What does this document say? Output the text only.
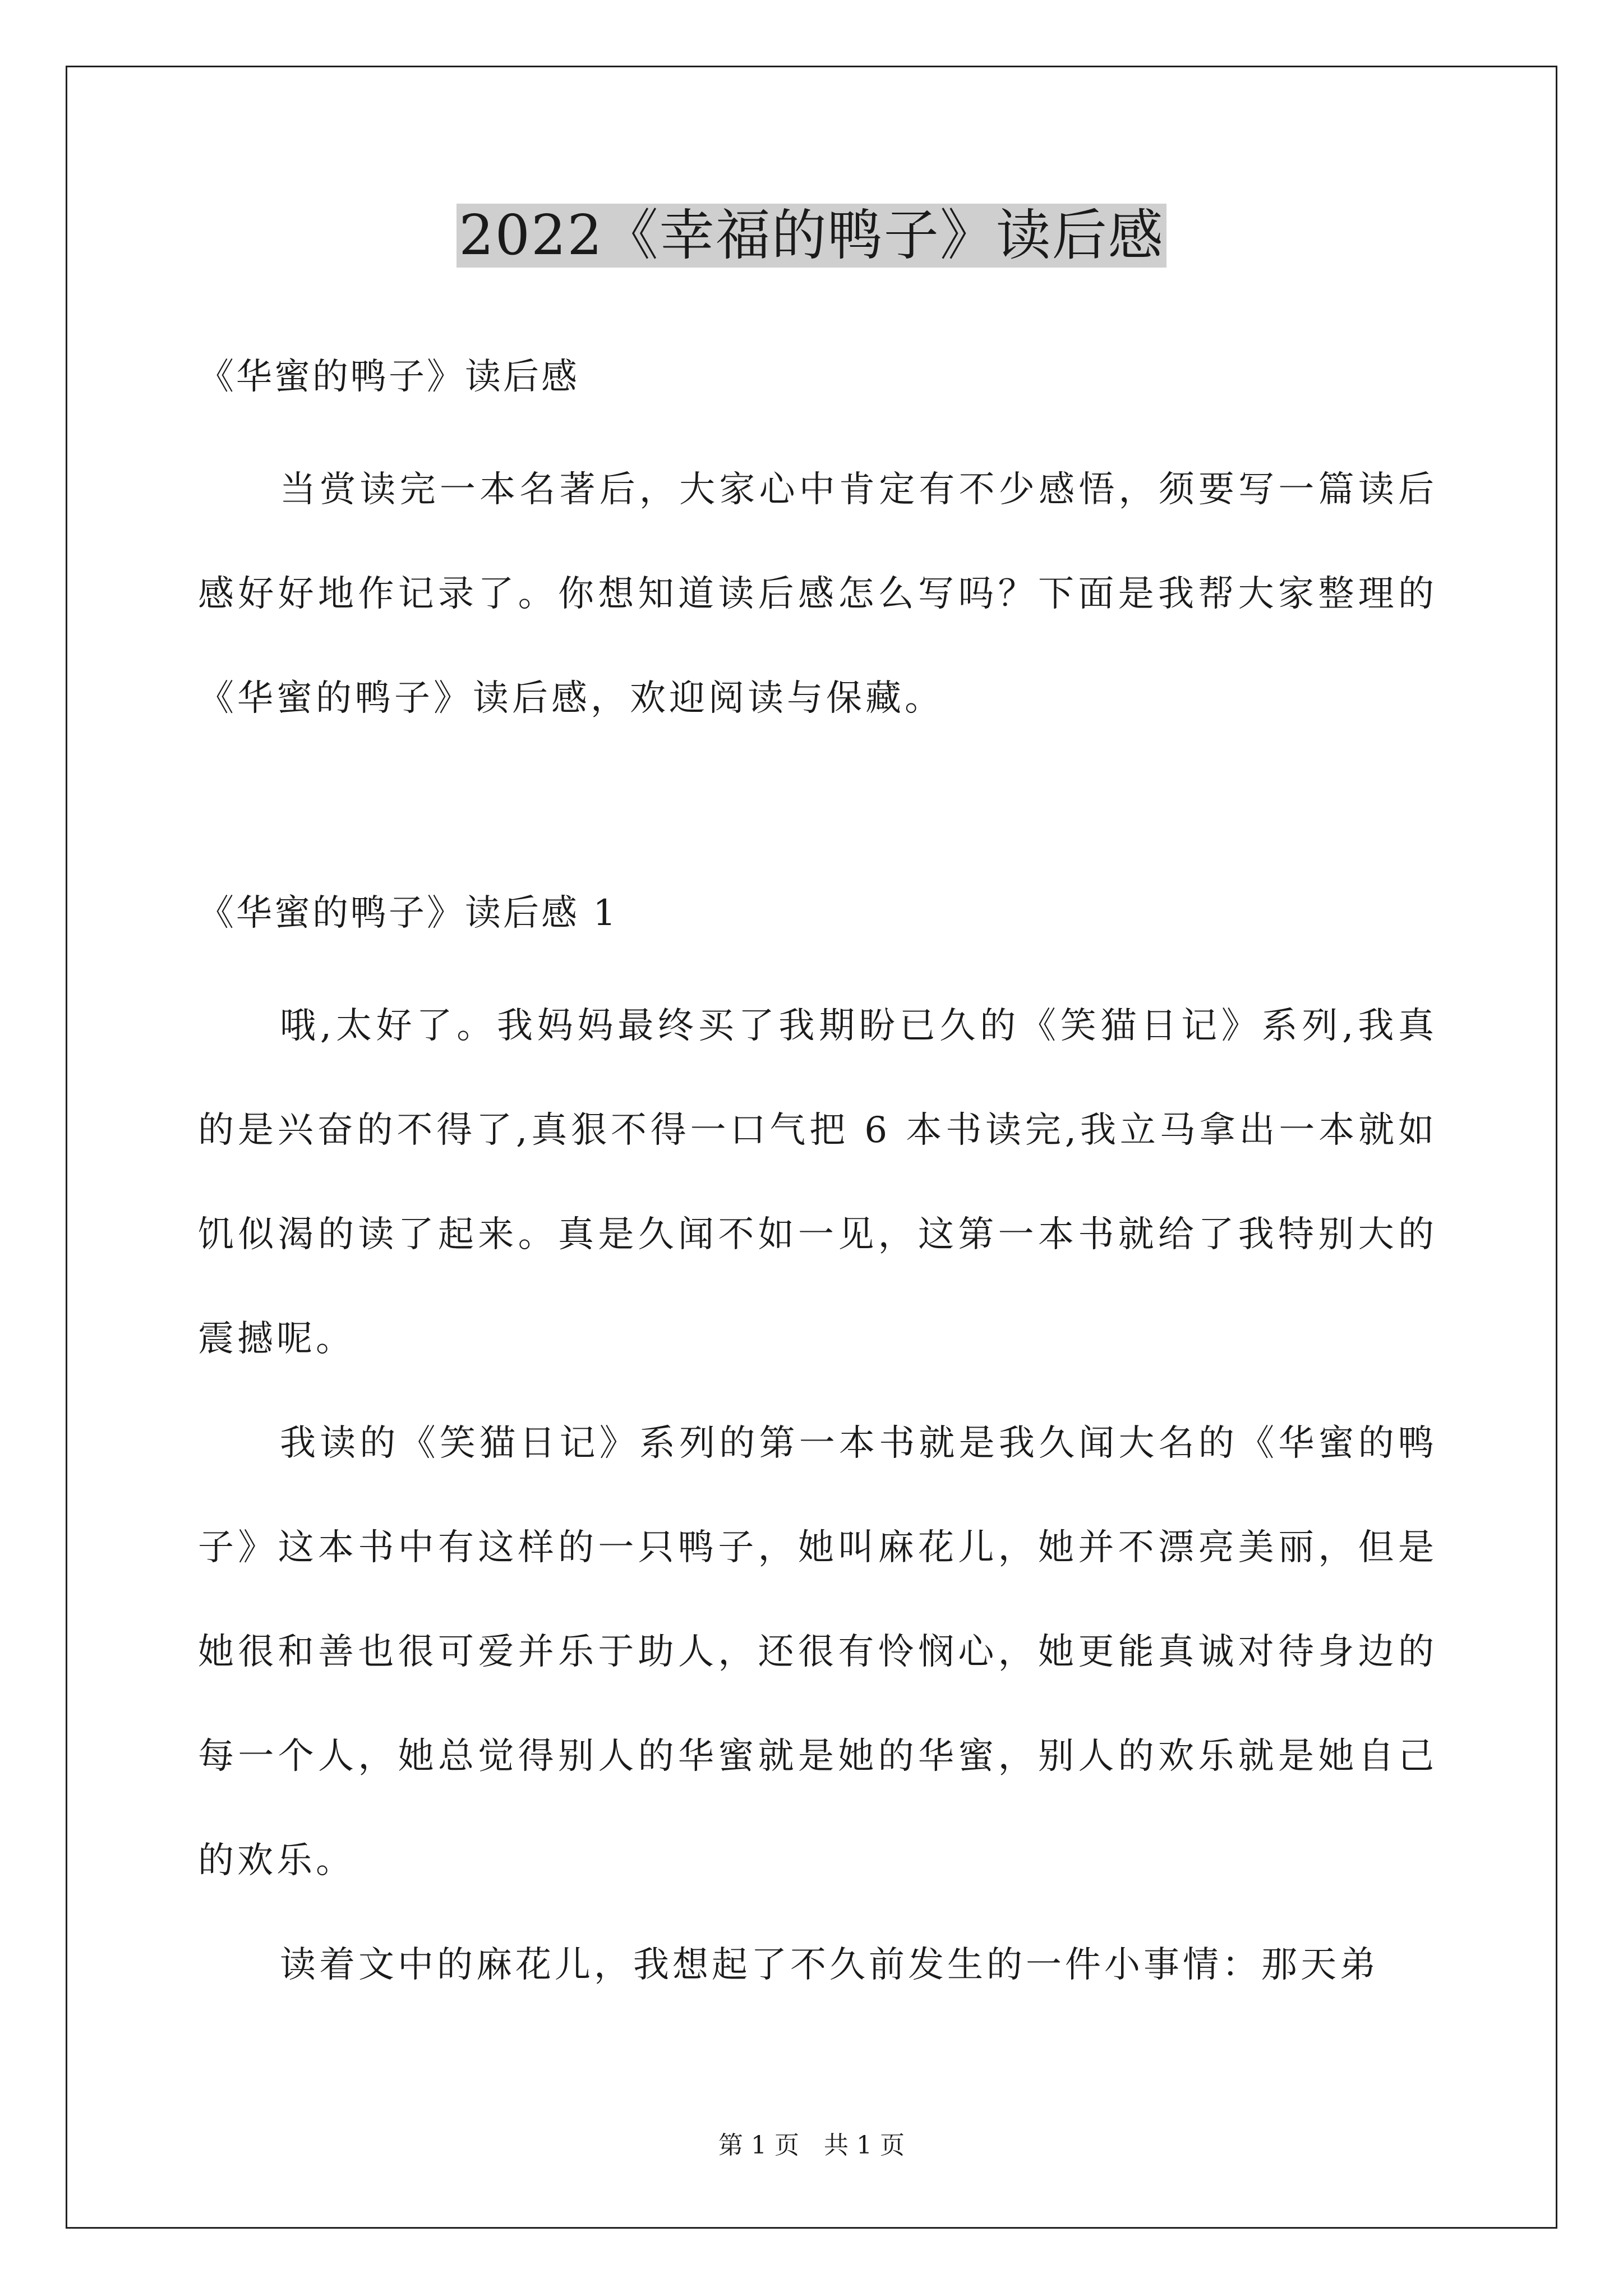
2022《幸福的鸭子》读后感
《华蜜的鸭子》读后感

当赏读完一本名著后，大家心中肯定有不少感悟，须要写一篇读后感好好地作记录了。你想知道读后感怎么写吗？下面是我帮大家整理的《华蜜的鸭子》读后感，欢迎阅读与保藏。

《华蜜的鸭子》读后感 1

哦,太好了。我妈妈最终买了我期盼已久的《笑猫日记》系列,我真的是兴奋的不得了,真狠不得一口气把 6 本书读完,我立马拿出一本就如饥似渴的读了起来。真是久闻不如一见，这第一本书就给了我特别大的震撼呢。

我读的《笑猫日记》系列的第一本书就是我久闻大名的《华蜜的鸭子》这本书中有这样的一只鸭子，她叫麻花儿，她并不漂亮美丽，但是她很和善也很可爱并乐于助人，还很有怜悯心，她更能真诚对待身边的每一个人，她总觉得别人的华蜜就是她的华蜜，别人的欢乐就是她自己的欢乐。

读着文中的麻花儿，我想起了不久前发生的一件小事情：那天弟

第 1 页　共 1 页
